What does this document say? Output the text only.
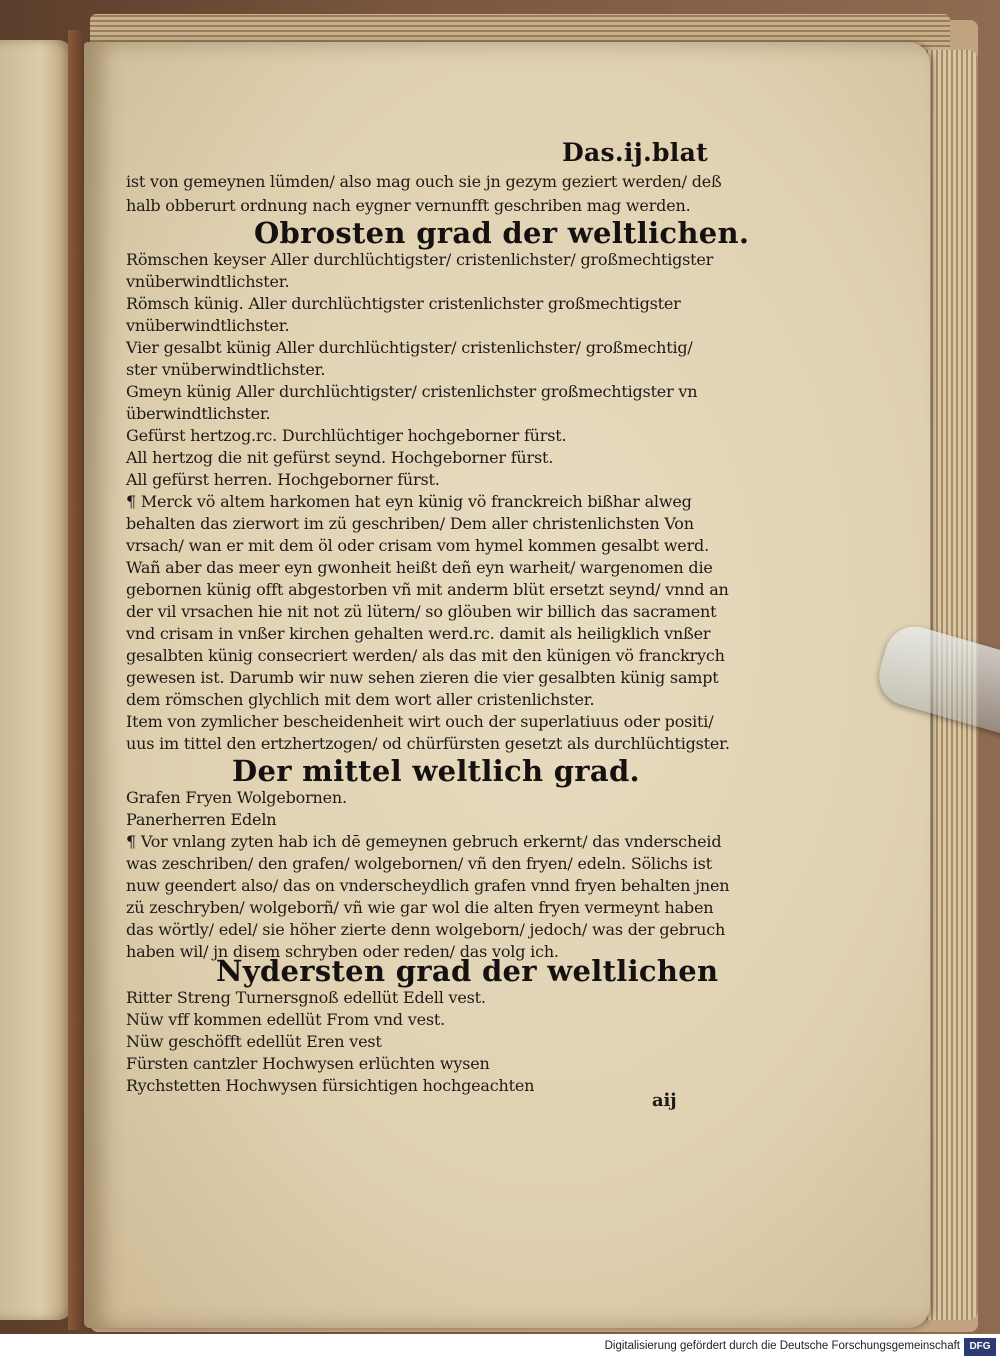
Das.ij.blat
ist von gemeynen lümden/ also mag ouch sie jn gezym geziert werden/ deß
halb obberurt ordnung nach eygner vernunfft geschriben mag werden.
Obrosten grad der weltlichen.
Römschen keyser Aller durchlüchtigster/ cristenlichster/ großmechtigster
vnüberwindtlichster.
Römsch künig. Aller durchlüchtigster cristenlichster großmechtigster
vnüberwindtlichster.
Vier gesalbt künig Aller durchlüchtigster/ cristenlichster/ großmechtig/
ster vnüberwindtlichster.
Gmeyn künig Aller durchlüchtigster/ cristenlichster großmechtigster vn
überwindtlichster.
Gefürst hertzog.rc. Durchlüchtiger hochgeborner fürst.
All hertzog die nit gefürst seynd. Hochgeborner fürst.
All gefürst herren. Hochgeborner fürst.
¶ Merck vö altem harkomen hat eyn künig vö franckreich bißhar alweg
behalten das zierwort im zü geschriben/ Dem aller christenlichsten Von
vrsach/ wan er mit dem öl oder crisam vom hymel kommen gesalbt werd.
Wañ aber das meer eyn gwonheit heißt deñ eyn warheit/ wargenomen die
gebornen künig offt abgestorben vñ mit anderm blüt ersetzt seynd/ vnnd an
der vil vrsachen hie nit not zü lütern/ so glöuben wir billich das sacrament
vnd crisam in vnßer kirchen gehalten werd.rc. damit als heiligklich vnßer
gesalbten künig consecriert werden/ als das mit den künigen vö franckrych
gewesen ist. Darumb wir nuw sehen zieren die vier gesalbten künig sampt
dem römschen glychlich mit dem wort aller cristenlichster.
Item von zymlicher bescheidenheit wirt ouch der superlatiuus oder positi/
uus im tittel den ertzhertzogen/ od chürfürsten gesetzt als durchlüchtigster.
Der mittel weltlich grad.
Grafen Fryen Wolgebornen.
Panerherren Edeln
¶ Vor vnlang zyten hab ich dē gemeynen gebruch erkernt/ das vnderscheid
was zeschriben/ den grafen/ wolgebornen/ vñ den fryen/ edeln. Sölichs ist
nuw geendert also/ das on vnderscheydlich grafen vnnd fryen behalten jnen
zü zeschryben/ wolgeborñ/ vñ wie gar wol die alten fryen vermeynt haben
das wörtly/ edel/ sie höher zierte denn wolgeborn/ jedoch/ was der gebruch
haben wil/ jn disem schryben oder reden/ das volg ich.
Nydersten grad der weltlichen
Ritter Streng Turnersgnoß edellüt Edell vest.
Nüw vff kommen edellüt From vnd vest.
Nüw geschöfft edellüt Eren vest
Fürsten cantzler Hochwysen erlüchten wysen
Rychstetten Hochwysen fürsichtigen hochgeachten
aij
Digitalisierung gefördert durch die Deutsche Forschungsgemeinschaft DFG
